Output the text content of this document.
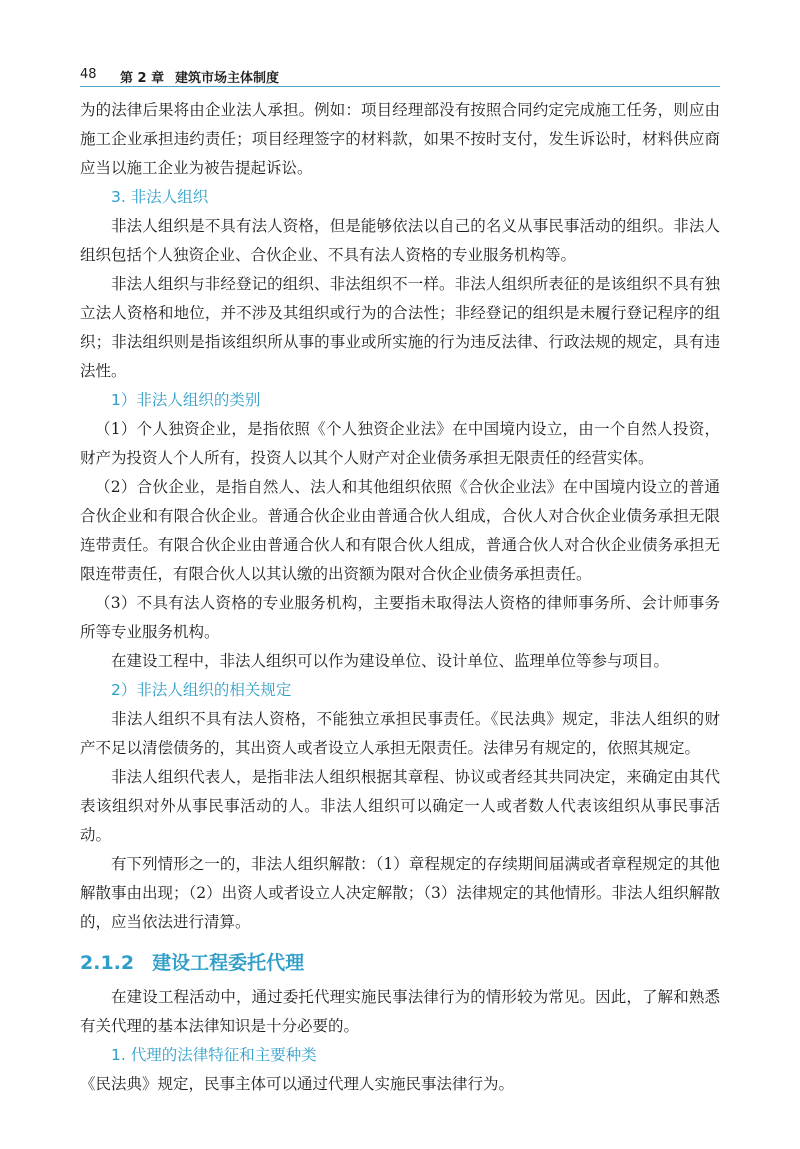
48 第 2 章 建筑市场主体制度

为的法律后果将由企业法人承担。例如：项目经理部没有按照合同约定完成施工任务，则应由施工企业承担违约责任；项目经理签字的材料款，如果不按时支付，发生诉讼时，材料供应商应当以施工企业为被告提起诉讼。

3. 非法人组织

非法人组织是不具有法人资格，但是能够依法以自己的名义从事民事活动的组织。非法人组织包括个人独资企业、合伙企业、不具有法人资格的专业服务机构等。

非法人组织与非经登记的组织、非法组织不一样。非法人组织所表征的是该组织不具有独立法人资格和地位，并不涉及其组织或行为的合法性；非经登记的组织是未履行登记程序的组织；非法组织则是指该组织所从事的事业或所实施的行为违反法律、行政法规的规定，具有违法性。

1）非法人组织的类别

（1）个人独资企业，是指依照《个人独资企业法》在中国境内设立，由一个自然人投资，财产为投资人个人所有，投资人以其个人财产对企业债务承担无限责任的经营实体。

（2）合伙企业，是指自然人、法人和其他组织依照《合伙企业法》在中国境内设立的普通合伙企业和有限合伙企业。普通合伙企业由普通合伙人组成，合伙人对合伙企业债务承担无限连带责任。有限合伙企业由普通合伙人和有限合伙人组成，普通合伙人对合伙企业债务承担无限连带责任，有限合伙人以其认缴的出资额为限对合伙企业债务承担责任。

（3）不具有法人资格的专业服务机构，主要指未取得法人资格的律师事务所、会计师事务所等专业服务机构。

在建设工程中，非法人组织可以作为建设单位、设计单位、监理单位等参与项目。

2）非法人组织的相关规定

非法人组织不具有法人资格，不能独立承担民事责任。《民法典》规定，非法人组织的财产不足以清偿债务的，其出资人或者设立人承担无限责任。法律另有规定的，依照其规定。

非法人组织代表人，是指非法人组织根据其章程、协议或者经其共同决定，来确定由其代表该组织对外从事民事活动的人。非法人组织可以确定一人或者数人代表该组织从事民事活动。

有下列情形之一的，非法人组织解散：（1）章程规定的存续期间届满或者章程规定的其他解散事由出现；（2）出资人或者设立人决定解散；（3）法律规定的其他情形。非法人组织解散的，应当依法进行清算。

2.1.2 建设工程委托代理

在建设工程活动中，通过委托代理实施民事法律行为的情形较为常见。因此，了解和熟悉有关代理的基本法律知识是十分必要的。

1. 代理的法律特征和主要种类

《民法典》规定，民事主体可以通过代理人实施民事法律行为。
